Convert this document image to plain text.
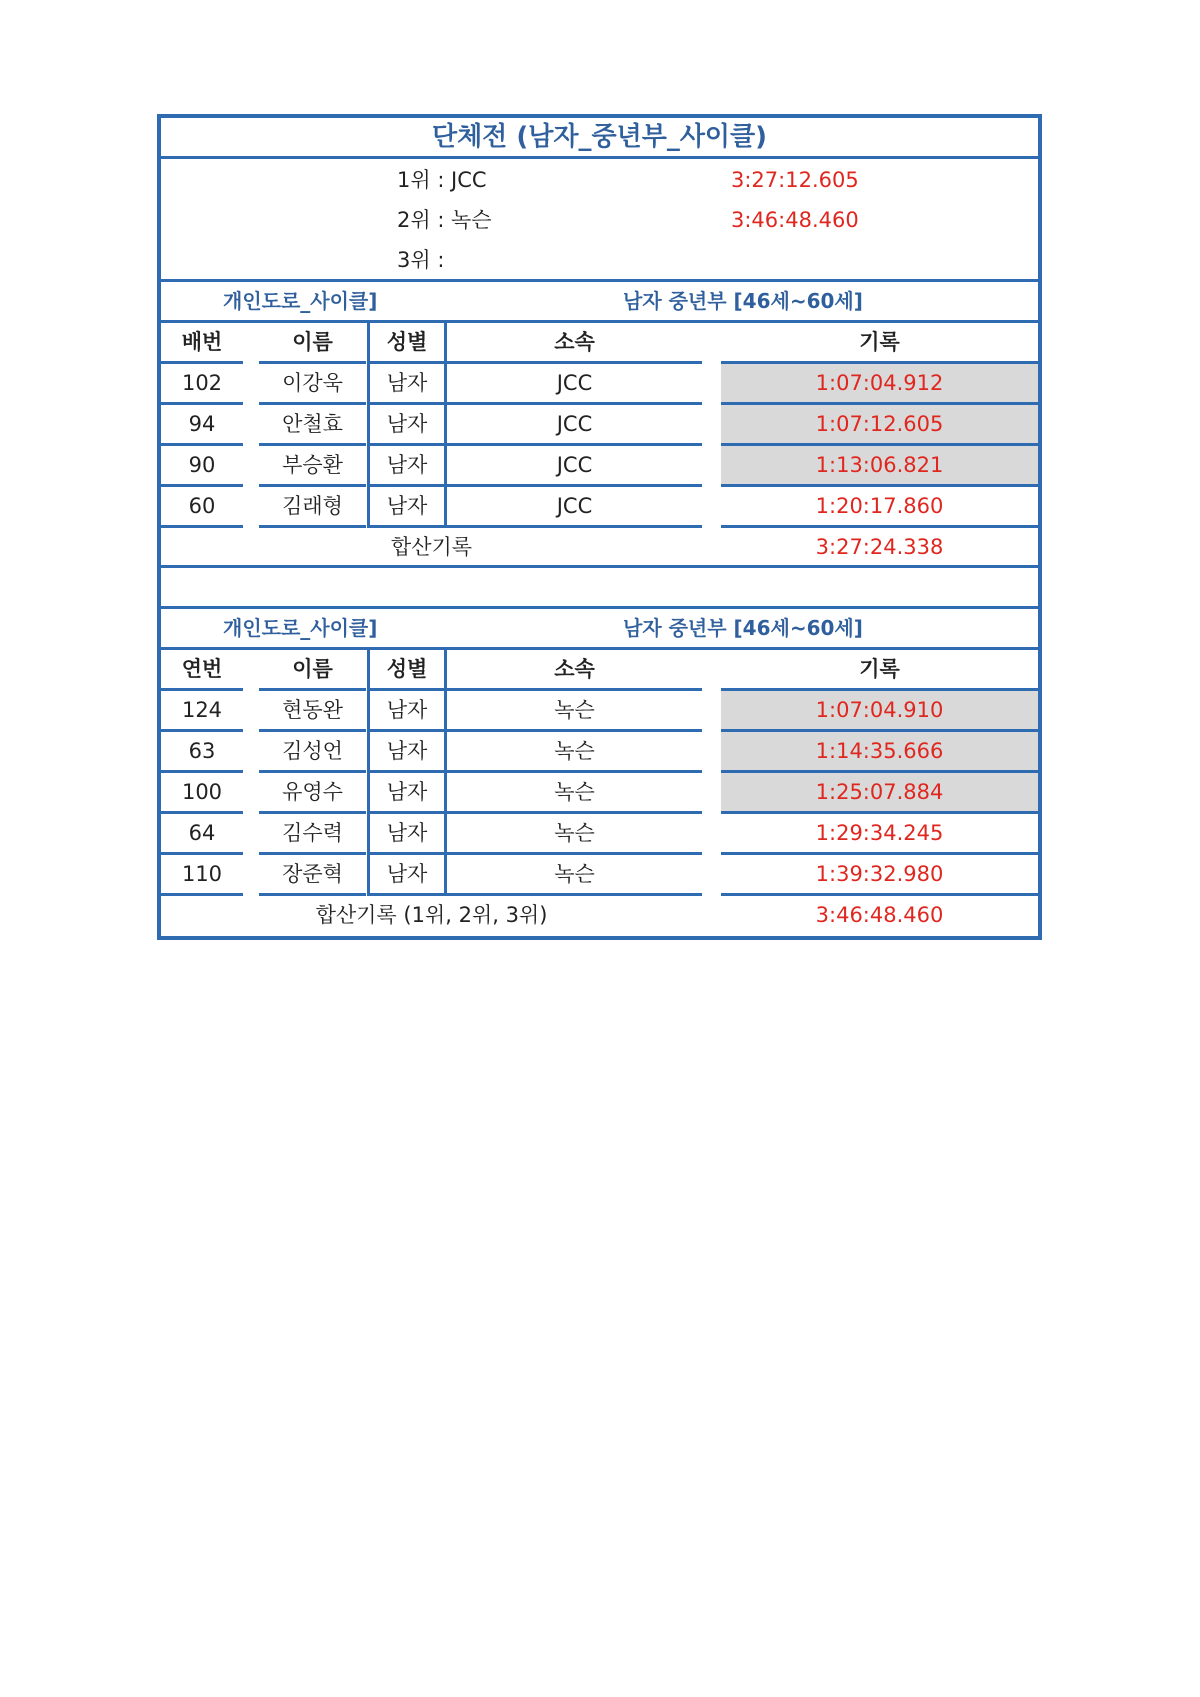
단체전 (남자_중년부_사이클)
1위 : JCC	3:27:12.605
2위 : 녹슨	3:46:48.460
3위 :
개인도로_사이클]	남자 중년부 [46세~60세]
배번	이름	성별	소속	기록
102	이강욱	남자	JCC	1:07:04.912
94	안철효	남자	JCC	1:07:12.605
90	부승환	남자	JCC	1:13:06.821
60	김래형	남자	JCC	1:20:17.860
합산기록	3:27:24.338
개인도로_사이클]	남자 중년부 [46세~60세]
연번	이름	성별	소속	기록
124	현동완	남자	녹슨	1:07:04.910
63	김성언	남자	녹슨	1:14:35.666
100	유영수	남자	녹슨	1:25:07.884
64	김수력	남자	녹슨	1:29:34.245
110	장준혁	남자	녹슨	1:39:32.980
합산기록 (1위, 2위, 3위)	3:46:48.460
